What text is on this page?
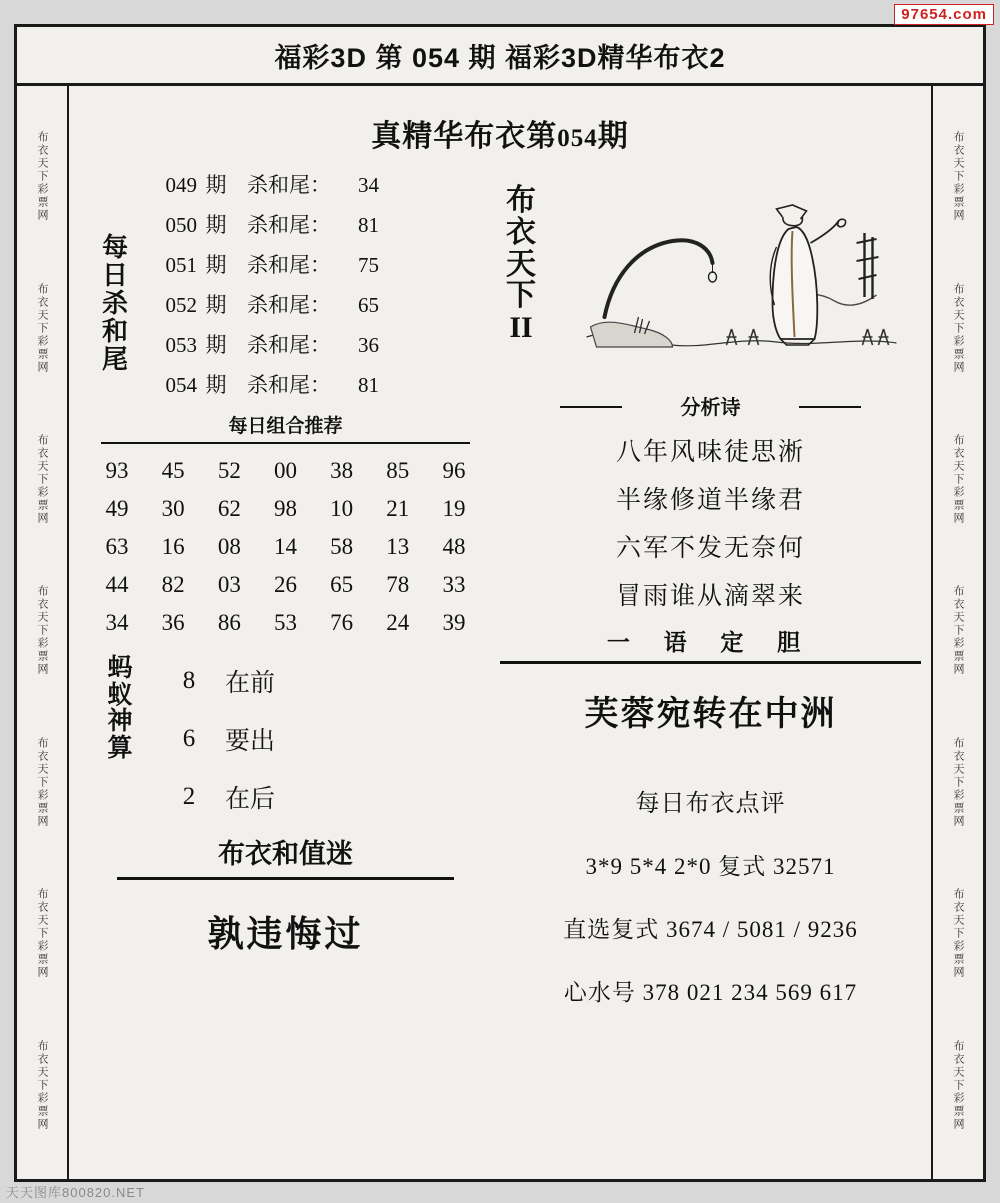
97654.com
天天图库800820.NET
福彩3D 第 054 期 福彩3D精华布衣2
布衣天下彩票网
布衣天下彩票网
布衣天下彩票网
布衣天下彩票网
布衣天下彩票网
布衣天下彩票网
布衣天下彩票网
布衣天下彩票网
布衣天下彩票网
布衣天下彩票网
布衣天下彩票网
布衣天下彩票网
布衣天下彩票网
布衣天下彩票网
真精华布衣第054期
每
日
杀
和
尾
049 期 杀和尾：	34
050 期 杀和尾：	81
051 期 杀和尾：	75
052 期 杀和尾：	65
053 期 杀和尾：	36
054 期 杀和尾：	81
每日组合推荐
93	45	52	00	38	85	96
49	30	62	98	10	21	19
63	16	08	14	58	13	48
44	82	03	26	65	78	33
34	36	86	53	76	24	39
蚂
蚁
神
算
8	在前
6	要出
2	在后
布衣和值迷
孰违悔过
布
衣
天
下
II
分析诗
八年风味徒思淅
半缘修道半缘君
六军不发无奈何
冒雨谁从滴翠来
一 语 定 胆
芙蓉宛转在中洲
每日布衣点评
3*9 5*4 2*0 复式 32571
直选复式 3674 / 5081 / 9236
心水号 378 021 234 569 617
